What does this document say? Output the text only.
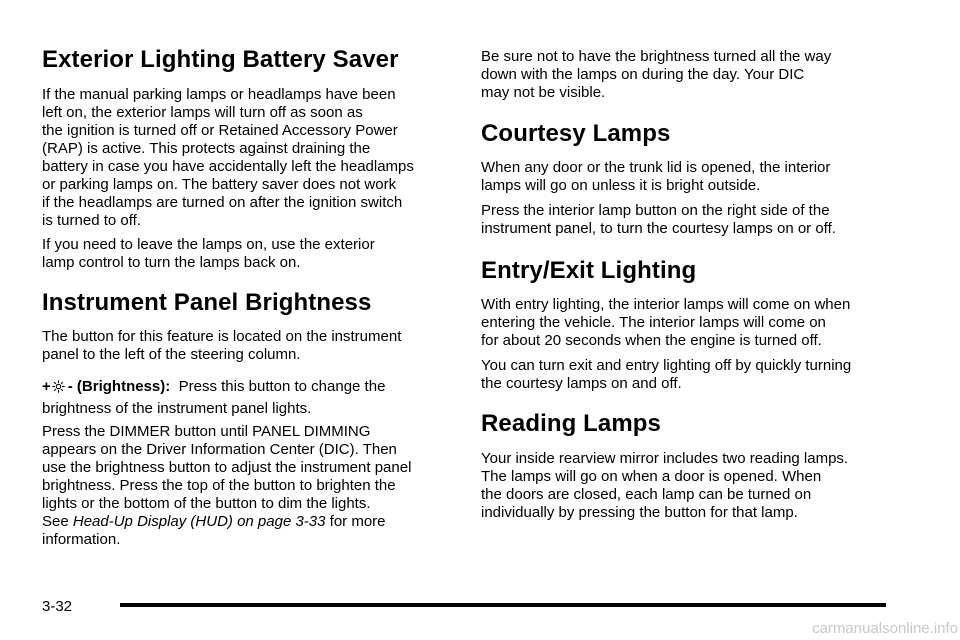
Exterior Lighting Battery Saver

If the manual parking lamps or headlamps have been
left on, the exterior lamps will turn off as soon as
the ignition is turned off or Retained Accessory Power
(RAP) is active. This protects against draining the
battery in case you have accidentally left the headlamps
or parking lamps on. The battery saver does not work
if the headlamps are turned on after the ignition switch
is turned to off.

If you need to leave the lamps on, use the exterior
lamp control to turn the lamps back on.

Instrument Panel Brightness

The button for this feature is located on the instrument
panel to the left of the steering column.

+ - (Brightness): Press this button to change the
brightness of the instrument panel lights.

Press the DIMMER button until PANEL DIMMING
appears on the Driver Information Center (DIC). Then
use the brightness button to adjust the instrument panel
brightness. Press the top of the button to brighten the
lights or the bottom of the button to dim the lights.
See Head-Up Display (HUD) on page 3-33 for more
information.

Be sure not to have the brightness turned all the way
down with the lamps on during the day. Your DIC
may not be visible.

Courtesy Lamps

When any door or the trunk lid is opened, the interior
lamps will go on unless it is bright outside.

Press the interior lamp button on the right side of the
instrument panel, to turn the courtesy lamps on or off.

Entry/Exit Lighting

With entry lighting, the interior lamps will come on when
entering the vehicle. The interior lamps will come on
for about 20 seconds when the engine is turned off.

You can turn exit and entry lighting off by quickly turning
the courtesy lamps on and off.

Reading Lamps

Your inside rearview mirror includes two reading lamps.
The lamps will go on when a door is opened. When
the doors are closed, each lamp can be turned on
individually by pressing the button for that lamp.

3-32
carmanualsonline.info
